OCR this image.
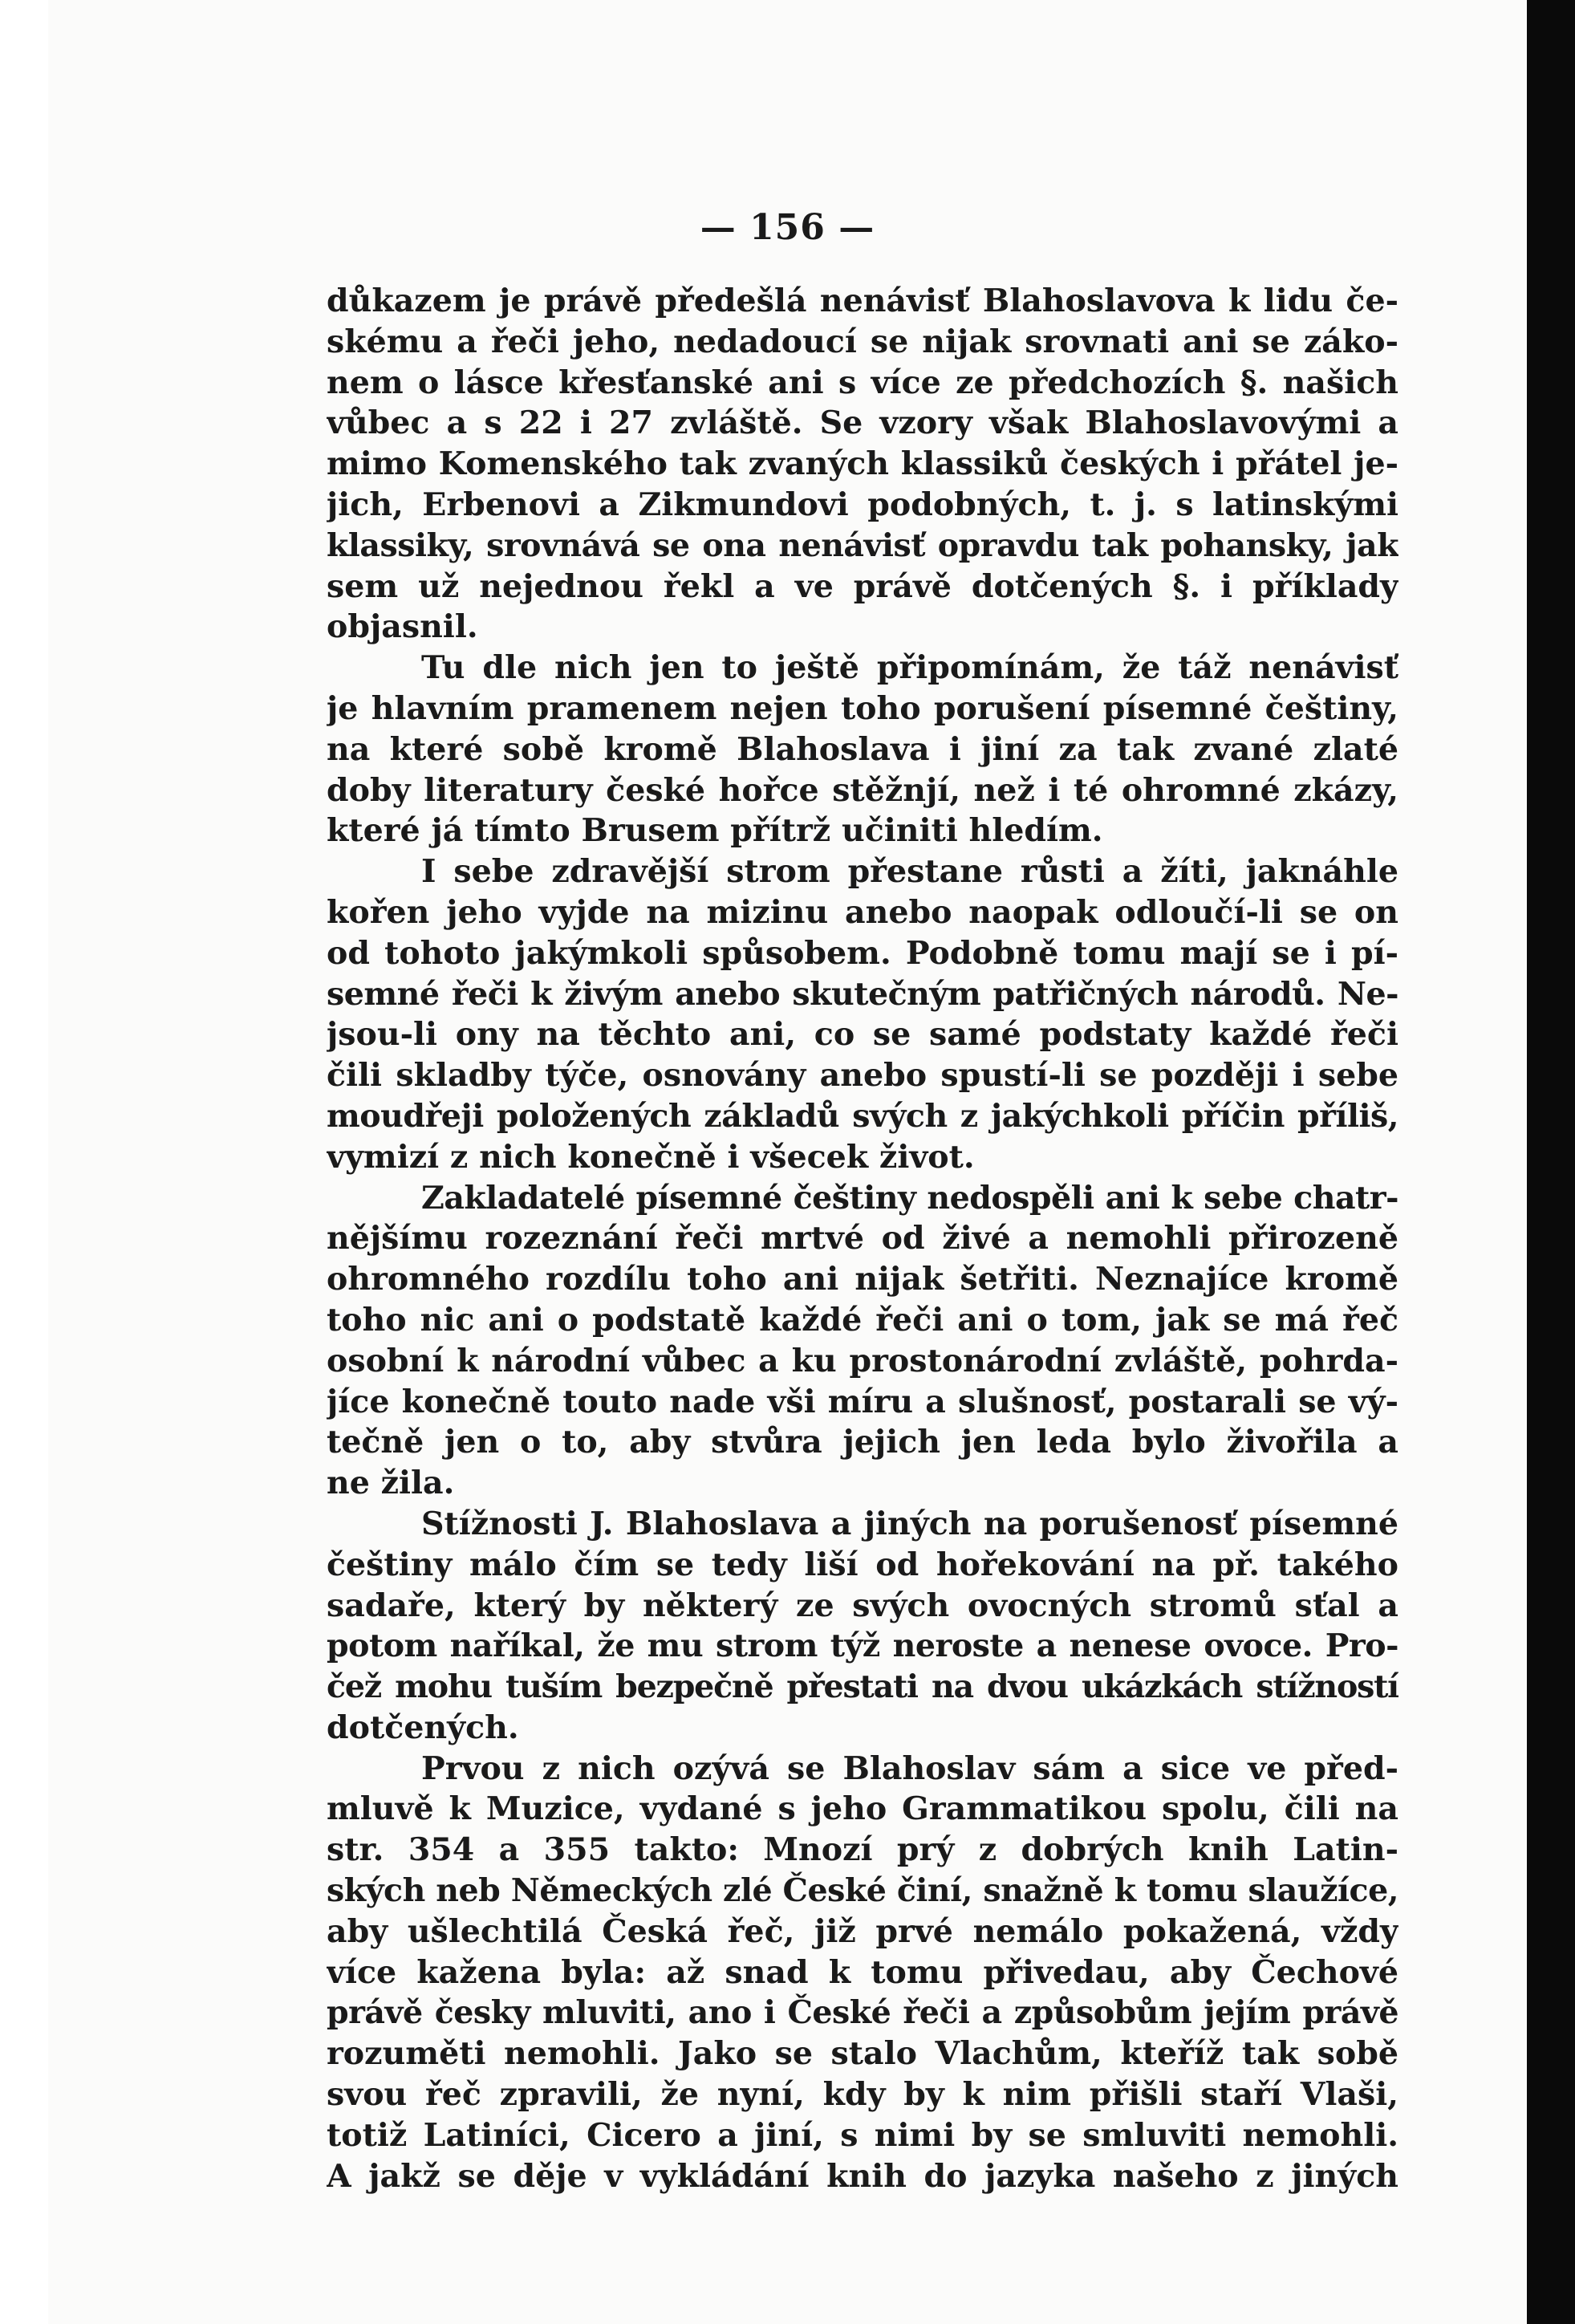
— 156 —
důkazem je právě předešlá nenávisť Blahoslavova k lidu če-
skému a řeči jeho, nedadoucí se nijak srovnati ani se záko-
nem o lásce křesťanské ani s více ze předchozích §. našich
vůbec a s 22 i 27 zvláště. Se vzory však Blahoslavovými a
mimo Komenského tak zvaných klassiků českých i přátel je-
jich, Erbenovi a Zikmundovi podobných, t. j. s latinskými
klassiky, srovnává se ona nenávisť opravdu tak pohansky, jak
sem už nejednou řekl a ve právě dotčených §. i příklady
objasnil.
Tu dle nich jen to ještě připomínám, že táž nenávisť
je hlavním pramenem nejen toho porušení písemné češtiny,
na které sobě kromě Blahoslava i jiní za tak zvané zlaté
doby literatury české hořce stěžnjí, než i té ohromné zkázy,
které já tímto Brusem přítrž učiniti hledím.
I sebe zdravější strom přestane růsti a žíti, jaknáhle
kořen jeho vyjde na mizinu anebo naopak odloučí-li se on
od tohoto jakýmkoli spůsobem. Podobně tomu mají se i pí-
semné řeči k živým anebo skutečným patřičných národů. Ne-
jsou-li ony na těchto ani, co se samé podstaty každé řeči
čili skladby týče, osnovány anebo spustí-li se později i sebe
moudřeji položených základů svých z jakýchkoli příčin příliš,
vymizí z nich konečně i všecek život.
Zakladatelé písemné češtiny nedospěli ani k sebe chatr-
nějšímu rozeznání řeči mrtvé od živé a nemohli přirozeně
ohromného rozdílu toho ani nijak šetřiti. Neznajíce kromě
toho nic ani o podstatě každé řeči ani o tom, jak se má řeč
osobní k národní vůbec a ku prostonárodní zvláště, pohrda-
jíce konečně touto nade vši míru a slušnosť, postarali se vý-
tečně jen o to, aby stvůra jejich jen leda bylo živořila a
ne žila.
Stížnosti J. Blahoslava a jiných na porušenosť písemné
češtiny málo čím se tedy liší od hořekování na př. takého
sadaře, který by některý ze svých ovocných stromů sťal a
potom naříkal, že mu strom týž neroste a nenese ovoce. Pro-
čež mohu tuším bezpečně přestati na dvou ukázkách stížností
dotčených.
Prvou z nich ozývá se Blahoslav sám a sice ve před-
mluvě k Muzice, vydané s jeho Grammatikou spolu, čili na
str. 354 a 355 takto: Mnozí prý z dobrých knih Latin-
ských neb Německých zlé České činí, snažně k tomu slaužíce,
aby ušlechtilá Česká řeč, již prvé nemálo pokažená, vždy
více kažena byla: až snad k tomu přivedau, aby Čechové
právě česky mluviti, ano i České řeči a způsobům jejím právě
rozuměti nemohli. Jako se stalo Vlachům, kteříž tak sobě
svou řeč zpravili, že nyní, kdy by k nim přišli staří Vlaši,
totiž Latiníci, Cicero a jiní, s nimi by se smluviti nemohli.
A jakž se děje v vykládání knih do jazyka našeho z jiných
